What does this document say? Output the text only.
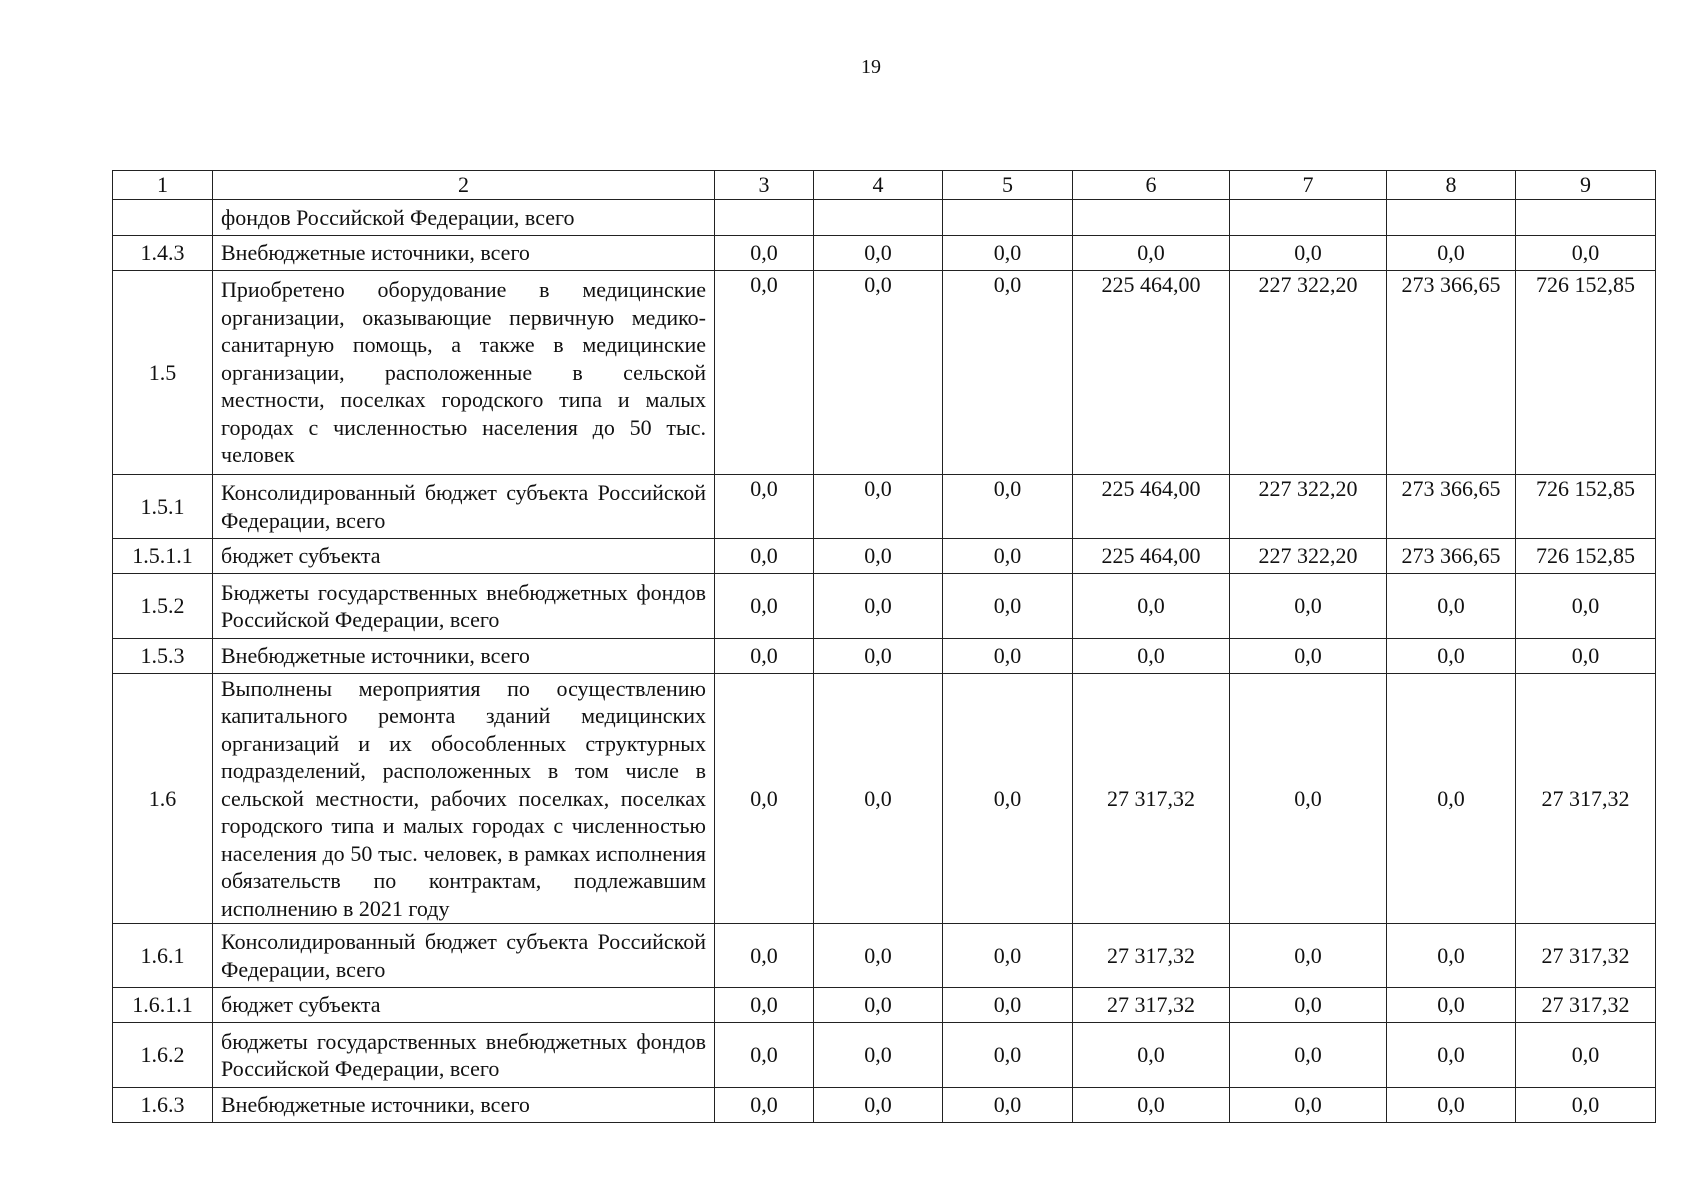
19
1	2	3	4	5	6	7	8	9
	фондов Российской Федерации, всего							
1.4.3	Внебюджетные источники, всего	0,0	0,0	0,0	0,0	0,0	0,0	0,0
1.5	Приобретено оборудование в медицинские организации, оказывающие первичную медико-санитарную помощь, а также в медицинские организации, расположенные в сельской местности, поселках городского типа и малых городах с численностью населения до 50 тыс. человек	0,0	0,0	0,0	225 464,00	227 322,20	273 366,65	726 152,85
1.5.1	Консолидированный бюджет субъекта Российской Федерации, всего	0,0	0,0	0,0	225 464,00	227 322,20	273 366,65	726 152,85
1.5.1.1	бюджет субъекта	0,0	0,0	0,0	225 464,00	227 322,20	273 366,65	726 152,85
1.5.2	Бюджеты государственных внебюджетных фондов Российской Федерации, всего	0,0	0,0	0,0	0,0	0,0	0,0	0,0
1.5.3	Внебюджетные источники, всего	0,0	0,0	0,0	0,0	0,0	0,0	0,0
1.6	Выполнены мероприятия по осуществлению капитального ремонта зданий медицинских организаций и их обособленных структурных подразделений, расположенных в том числе в сельской местности, рабочих поселках, поселках городского типа и малых городах с численностью населения до 50 тыс. человек, в рамках исполнения обязательств по контрактам, подлежавшим исполнению в 2021 году	0,0	0,0	0,0	27 317,32	0,0	0,0	27 317,32
1.6.1	Консолидированный бюджет субъекта Российской Федерации, всего	0,0	0,0	0,0	27 317,32	0,0	0,0	27 317,32
1.6.1.1	бюджет субъекта	0,0	0,0	0,0	27 317,32	0,0	0,0	27 317,32
1.6.2	бюджеты государственных внебюджетных фондов Российской Федерации, всего	0,0	0,0	0,0	0,0	0,0	0,0	0,0
1.6.3	Внебюджетные источники, всего	0,0	0,0	0,0	0,0	0,0	0,0	0,0
